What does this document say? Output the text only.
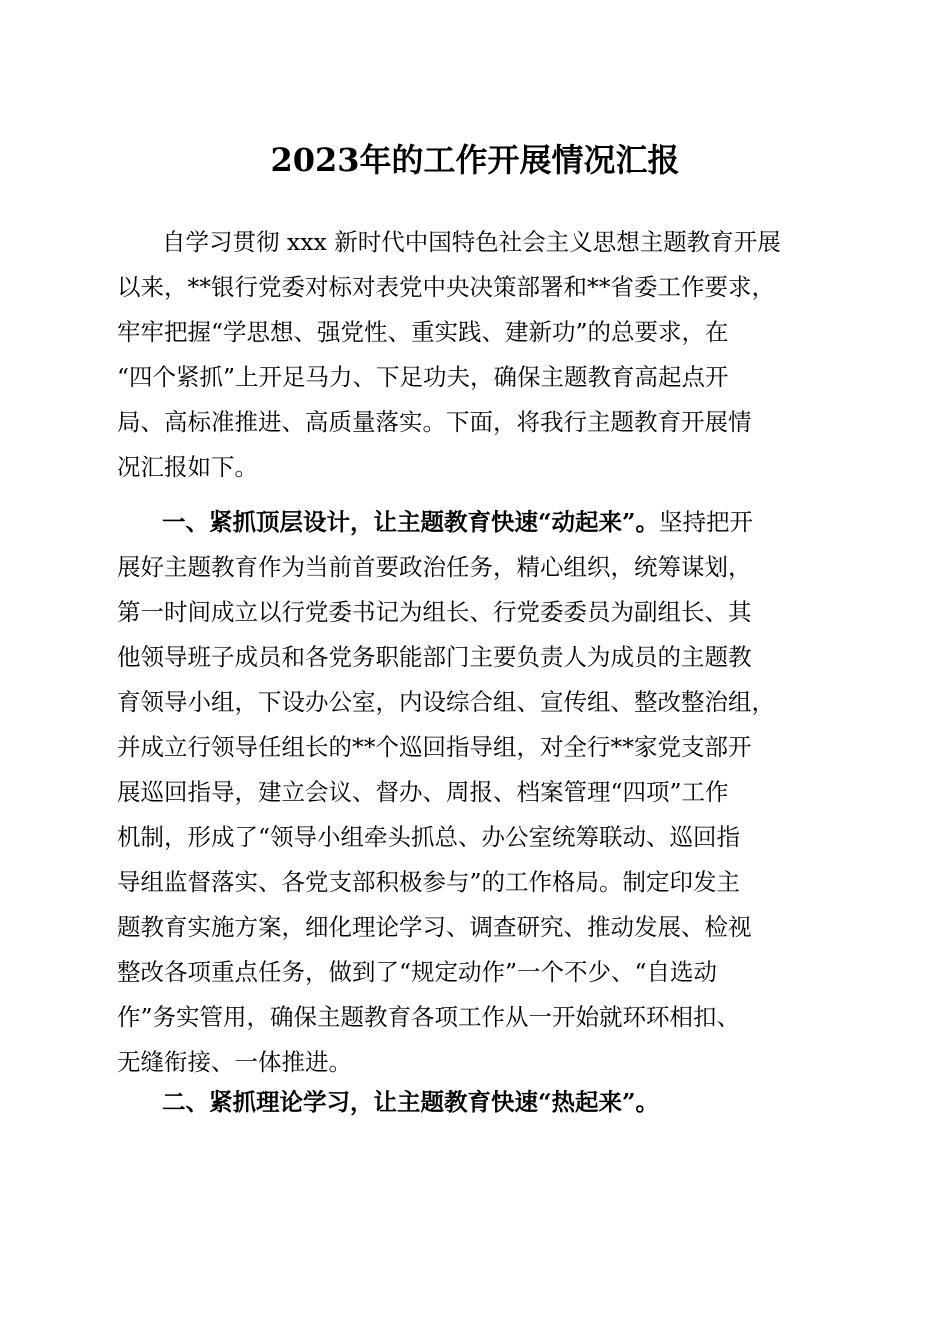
2023年的工作开展情况汇报
自学习贯彻 xxx 新时代中国特色社会主义思想主题教育开展
以来，**银行党委对标对表党中央决策部署和**省委工作要求，
牢牢把握“学思想、强党性、重实践、建新功”的总要求，在
“四个紧抓”上开足马力、下足功夫，确保主题教育高起点开
局、高标准推进、高质量落实。下面，将我行主题教育开展情
况汇报如下。
一、紧抓顶层设计，让主题教育快速“动起来”。坚持把开
展好主题教育作为当前首要政治任务，精心组织，统筹谋划，
第一时间成立以行党委书记为组长、行党委委员为副组长、其
他领导班子成员和各党务职能部门主要负责人为成员的主题教
育领导小组，下设办公室，内设综合组、宣传组、整改整治组，
并成立行领导任组长的**个巡回指导组，对全行**家党支部开
展巡回指导，建立会议、督办、周报、档案管理“四项”工作
机制，形成了“领导小组牵头抓总、办公室统筹联动、巡回指
导组监督落实、各党支部积极参与”的工作格局。制定印发主
题教育实施方案，细化理论学习、调查研究、推动发展、检视
整改各项重点任务，做到了“规定动作”一个不少、“自选动
作”务实管用，确保主题教育各项工作从一开始就环环相扣、
无缝衔接、一体推进。
二、紧抓理论学习，让主题教育快速“热起来”。
